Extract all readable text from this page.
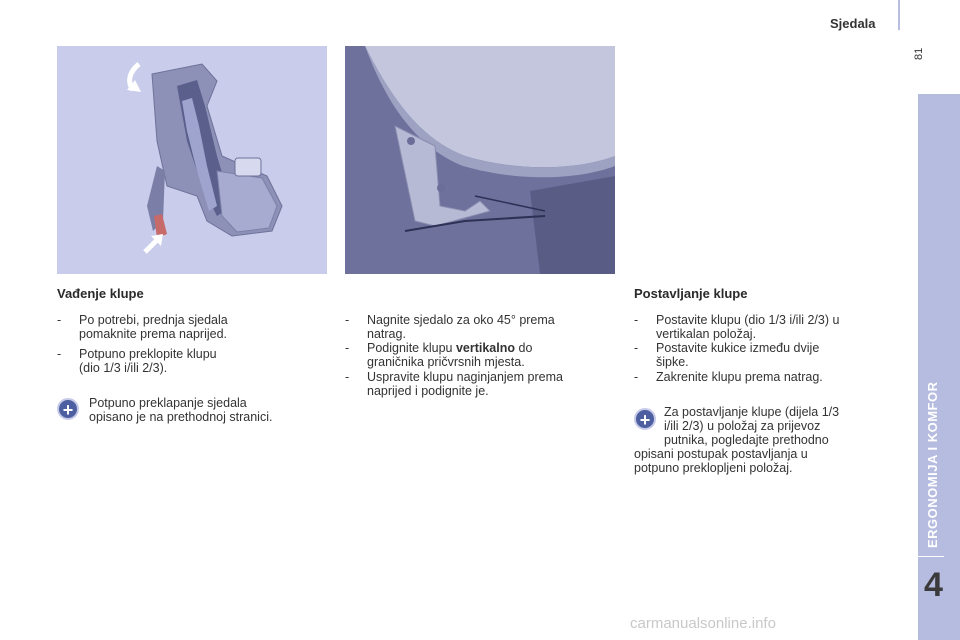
Sjedala
81
ERGONOMIJA I KOMFOR
4
Vađenje klupe
- Po potrebi, prednja sjedala
pomaknite prema naprijed.
- Potpuno preklopite klupu
(dio 1/3 i/ili 2/3).
+	Potpuno preklapanje sjedala
opisano je na prethodnoj stranici.
- Nagnite sjedalo za oko 45° prema
natrag.
- Podignite klupu vertikalno do
graničnika pričvrsnih mjesta.
- Uspravite klupu naginjanjem prema
naprijed i podignite je.
Postavljanje klupe
- Postavite klupu (dio 1/3 i/ili 2/3) u
vertikalan položaj.
- Postavite kukice između dvije
šipke.
- Zakrenite klupu prema natrag.
+	Za postavljanje klupe (dijela 1/3
i/ili 2/3) u položaj za prijevoz
putnika, pogledajte prethodno
opisani postupak postavljanja u
potpuno preklopljeni položaj.
carmanualsonline.info
